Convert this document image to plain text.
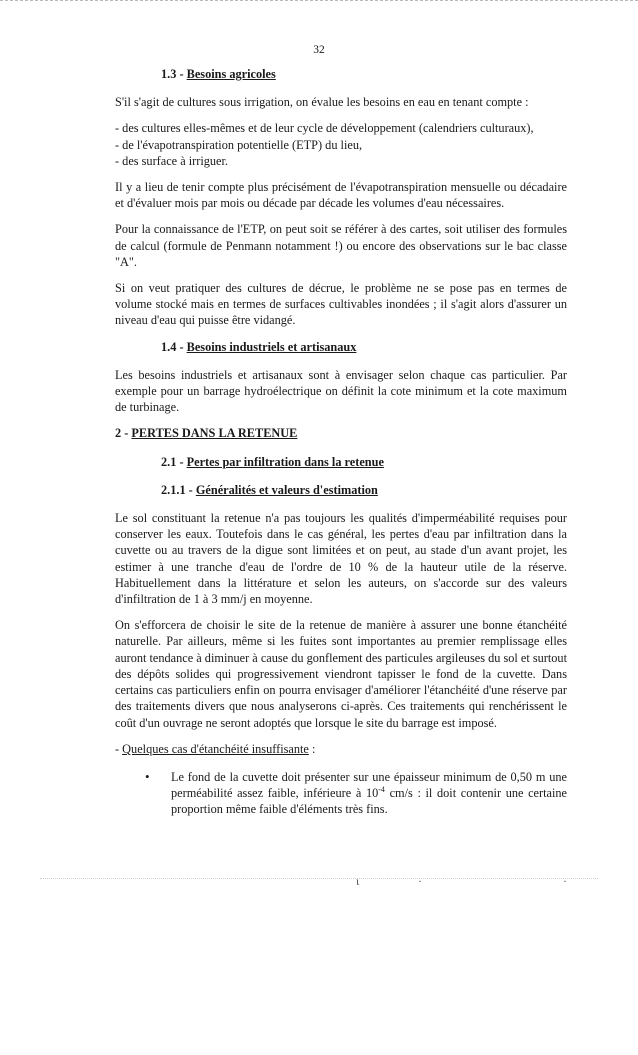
32
1.3 - Besoins agricoles

S'il s'agit de cultures sous irrigation, on évalue les besoins en eau en tenant compte :

- des cultures elles-mêmes et de leur cycle de développement (calendriers culturaux),
- de l'évapotranspiration potentielle (ETP) du lieu,
- des surface à irriguer.

Il y a lieu de tenir compte plus précisément de l'évapotranspiration mensuelle ou décadaire et d'évaluer mois par mois ou décade par décade les volumes d'eau nécessaires.

Pour la connaissance de l'ETP, on peut soit se référer à des cartes, soit utiliser des formules de calcul (formule de Penmann notamment !) ou encore des observations sur le bac classe "A".

Si on veut pratiquer des cultures de décrue, le problème ne se pose pas en termes de volume stocké mais en termes de surfaces cultivables inondées ; il s'agit alors d'assurer un niveau d'eau qui puisse être vidangé.

1.4 - Besoins industriels et artisanaux

Les besoins industriels et artisanaux sont à envisager selon chaque cas particulier. Par exemple pour un barrage hydroélectrique on définit la cote minimum et la cote maximum de turbinage.

2 - PERTES DANS LA RETENUE
2.1 - Pertes par infiltration dans la retenue
2.1.1 - Généralités et valeurs d'estimation

Le sol constituant la retenue n'a pas toujours les qualités d'imperméabilité requises pour conserver les eaux. Toutefois dans le cas général, les pertes d'eau par infiltration dans la cuvette ou au travers de la digue sont limitées et on peut, au stade d'un avant projet, les estimer à une tranche d'eau de l'ordre de 10 % de la hauteur utile de la réserve. Habituellement dans la littérature et selon les auteurs, on s'accorde sur des valeurs d'infiltration de 1 à 3 mm/j en moyenne.

On s'efforcera de choisir le site de la retenue de manière à assurer une bonne étanchéité naturelle. Par ailleurs, même si les fuites sont importantes au premier remplissage elles auront tendance à diminuer à cause du gonflement des particules argileuses du sol et surtout des dépôts solides qui progressivement viendront tapisser le fond de la cuvette. Dans certains cas particuliers enfin on pourra envisager d'améliorer l'étanchéité d'une réserve par des traitements divers que nous analyserons ci-après. Ces traitements qui renchérissent le coût d'un ouvrage ne seront adoptés que lorsque le site du barrage est imposé.

- Quelques cas d'étanchéité insuffisante :

•	Le fond de la cuvette doit présenter sur une épaisseur minimum de 0,50 m une perméabilité assez faible, inférieure à $10^{-4}$ cm/s : il doit contenir une certaine proportion même faible d'éléments très fins.
ι	·	·
